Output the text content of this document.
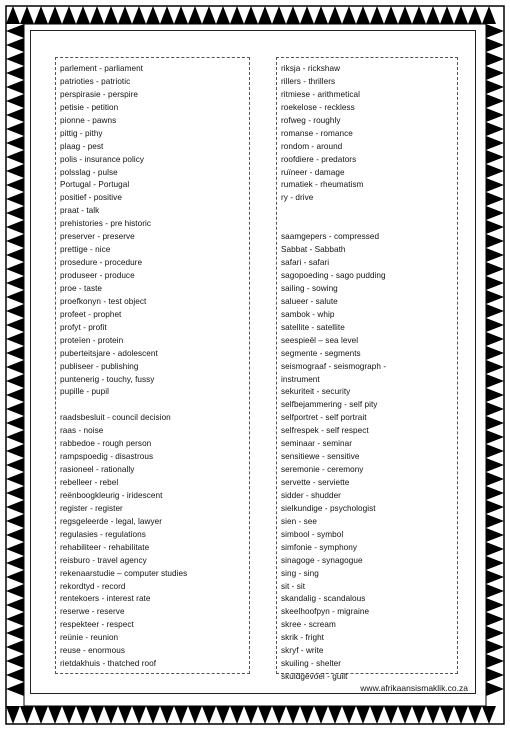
parlement - parliament
patrioties - patriotic
perspirasie - perspire
petisie - petition
pionne - pawns
pittig - pithy
plaag - pest
polis - insurance policy
polsslag - pulse
Portugal - Portugal
positief - positive
praat - talk
prehistories - pre historic
preserver - preserve
prettige - nice
prosedure - procedure
produseer - produce
proe - taste
proefkonyn - test object
profeet - prophet
profyt - profit
proteïen - protein
puberteitsjare - adolescent
publiseer - publishing
puntenerig - touchy, fussy
pupille - pupil
raadsbesluit - council decision
raas - noise
rabbedoe - rough person
rampspoedig - disastrous
rasioneel - rationally
rebelleer - rebel
reënboogkleurig - iridescent
register - register
regsgeleerde - legal, lawyer
regulasies - regulations
rehabiliteer - rehabilitate
reisburo - travel agency
rekenaarstudie – computer studies
rekordtyd - record
rentekoers - interest rate
reserwe - reserve
respekteer - respect
reünie - reunion
reuse - enormous
rietdakhuis - thatched roof
riksja - rickshaw
rillers - thrillers
ritmiese - arithmetical
roekelose - reckless
rofweg - roughly
romanse - romance
rondom - around
roofdiere - predators
ruïneer - damage
rumatiek - rheumatism
ry - drive
saamgepers - compressed
Sabbat - Sabbath
safari - safari
sagopoeding - sago pudding
sailing - sowing
salueer - salute
sambok - whip
satellite - satellite
seespieël – sea level
segmente - segments
seismograaf - seismograph -
instrument
sekuriteit - security
selfbejammering - self pity
selfportret - self portrait
selfrespek - self respect
seminaar - seminar
sensitiewe - sensitive
seremonie - ceremony
servette - serviette
sidder - shudder
sielkundige - psychologist
sien - see
simbool - symbol
simfonie - symphony
sinagoge - synagogue
sing - sing
sit - sit
skandalig - scandalous
skeelhoofpyn - migraine
skree - scream
skrik - fright
skryf - write
skuiling - shelter
skuldgevoel - guilt
www.afrikaansismaklik.co.za
